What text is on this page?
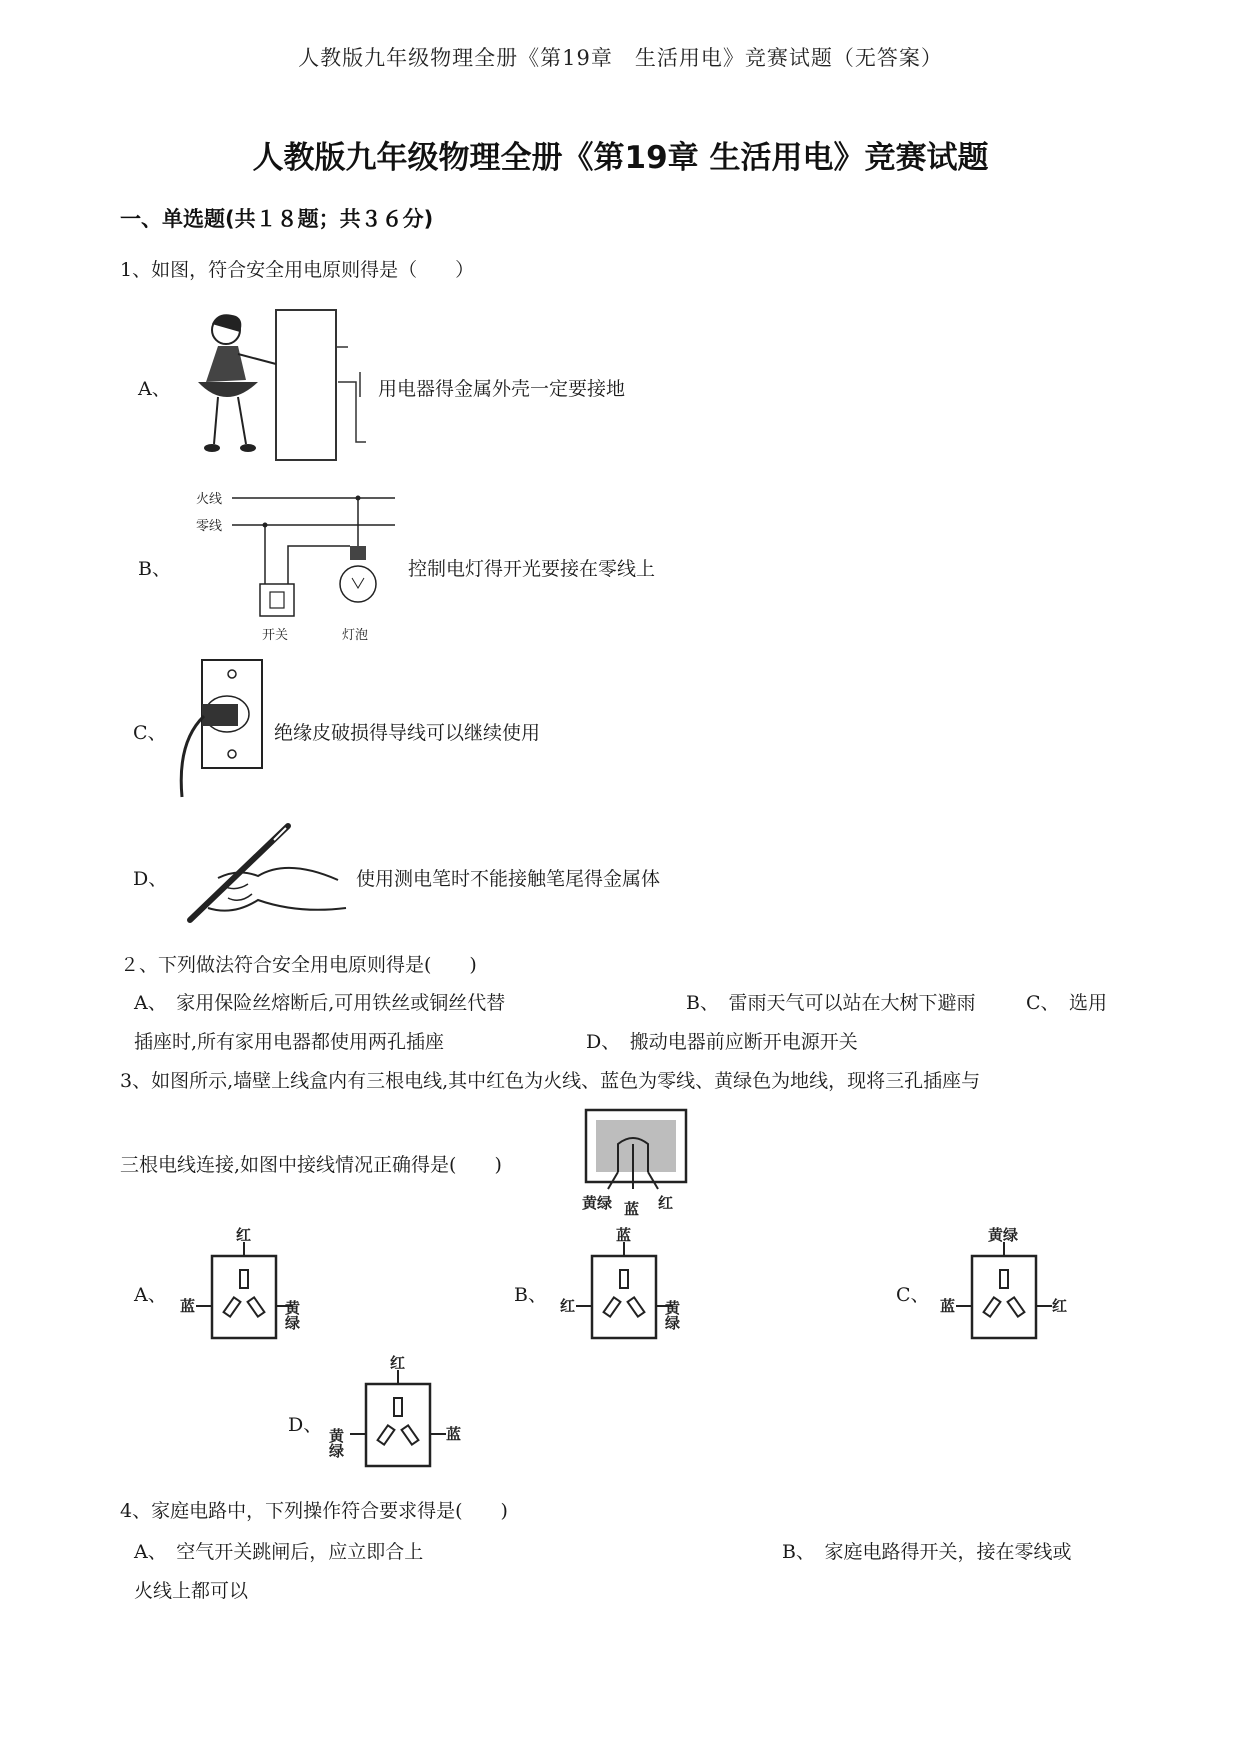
人教版九年级物理全册《第19章　生活用电》竞赛试题（无答案）
人教版九年级物理全册《第19章 生活用电》竞赛试题
一、单选题(共１８题；共３６分)
1、如图，符合安全用电原则得是（　　）
A、	用电器得金属外壳一定要接地
B、
火线
零线
开关	灯泡
控制电灯得开光要接在零线上
C、	绝缘皮破损得导线可以继续使用
D、	使用测电笔时不能接触笔尾得金属体
２、下列做法符合安全用电原则得是(　　)
A、　家用保险丝熔断后,可用铁丝或铜丝代替	B、　雷雨天气可以站在大树下避雨	C、　选用
插座时,所有家用电器都使用两孔插座	D、　搬动电器前应断开电源开关
3、如图所示,墙壁上线盒内有三根电线,其中红色为火线、蓝色为零线、黄绿色为地线，现将三孔插座与
三根电线连接,如图中接线情况正确得是(　　)
黄绿 蓝 红
A、
红
蓝	黄绿
B、
蓝
红	黄绿
C、
黄绿
蓝	红
D、
红
黄绿	蓝
4、家庭电路中，下列操作符合要求得是(　　)
A、　空气开关跳闸后，应立即合上	B、　家庭电路得开关，接在零线或
火线上都可以
